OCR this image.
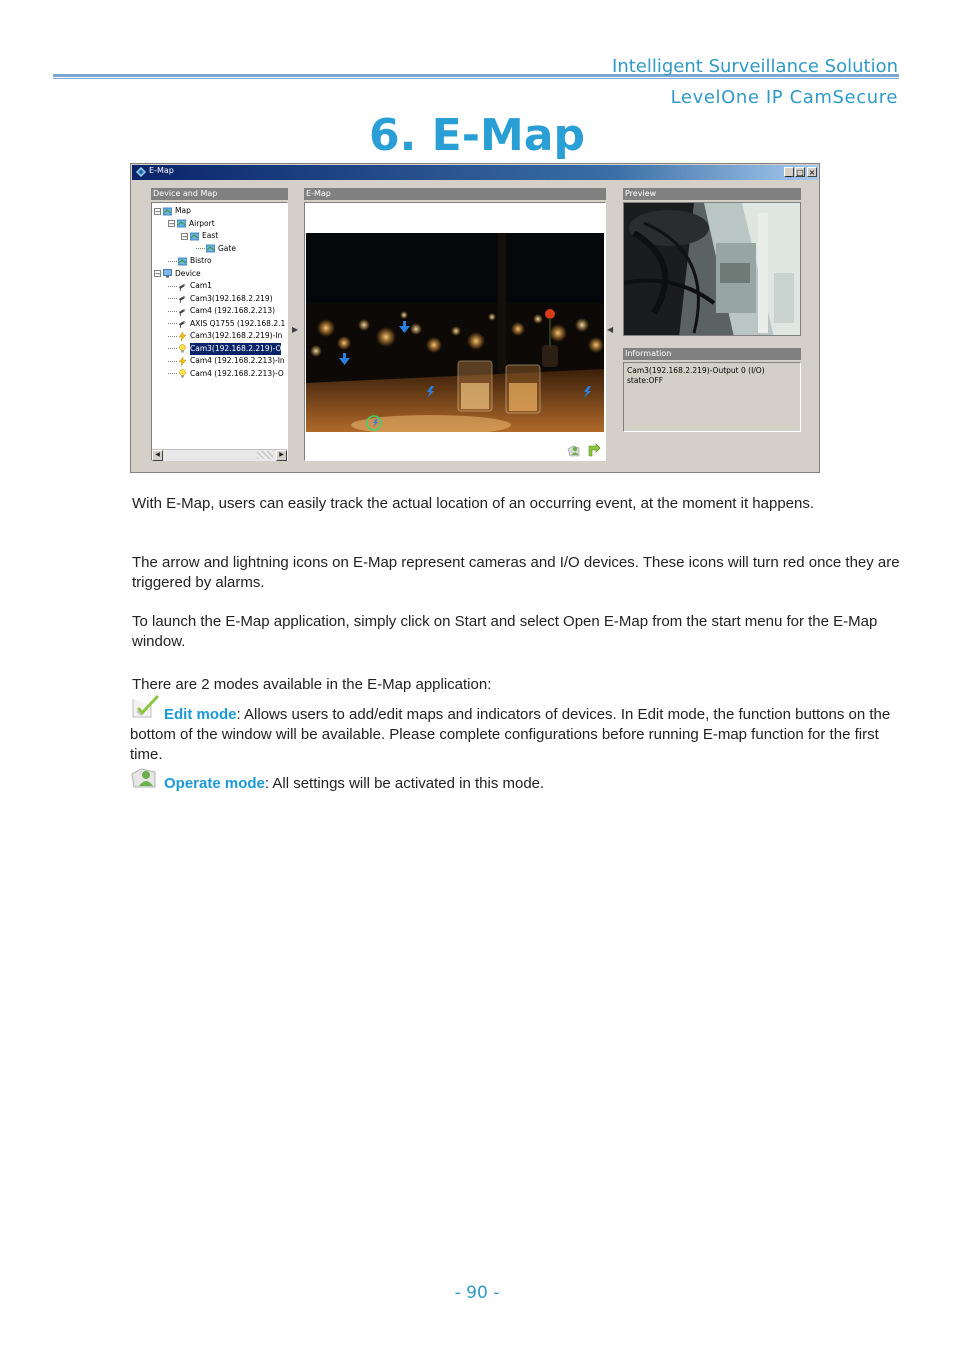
Intelligent Surveillance Solution
LevelOne IP CamSecure
6. E-Map
E-Map	_ □ ×
Device and Map
− Map
− Airport
− East
Gate
Bistro
− Device
Cam1
Cam3(192.168.2.219)
Cam4 (192.168.2.213)
AXIS Q1755 (192.168.2.1
Cam3(192.168.2.219)-In
Cam3(192.168.2.219)-O
Cam4 (192.168.2.213)-In
Cam4 (192.168.2.213)-O
◀	▶
▶	◀
E-Map	Preview
Information
Cam3(192.168.2.219)-Output 0 (I/O)
state:OFF
With E-Map, users can easily track the actual location of an occurring event, at the moment it happens.
The arrow and lightning icons on E-Map represent cameras and I/O devices. These icons will turn red once they are triggered by alarms.
To launch the E-Map application, simply click on Start and select Open E-Map from the start menu for the E-Map window.
There are 2 modes available in the E-Map application:
Edit mode: Allows users to add/edit maps and indicators of devices. In Edit mode, the function buttons on the bottom of the window will be available. Please complete configurations before running E-map function for the first time.
Operate mode: All settings will be activated in this mode.
- 90 -
